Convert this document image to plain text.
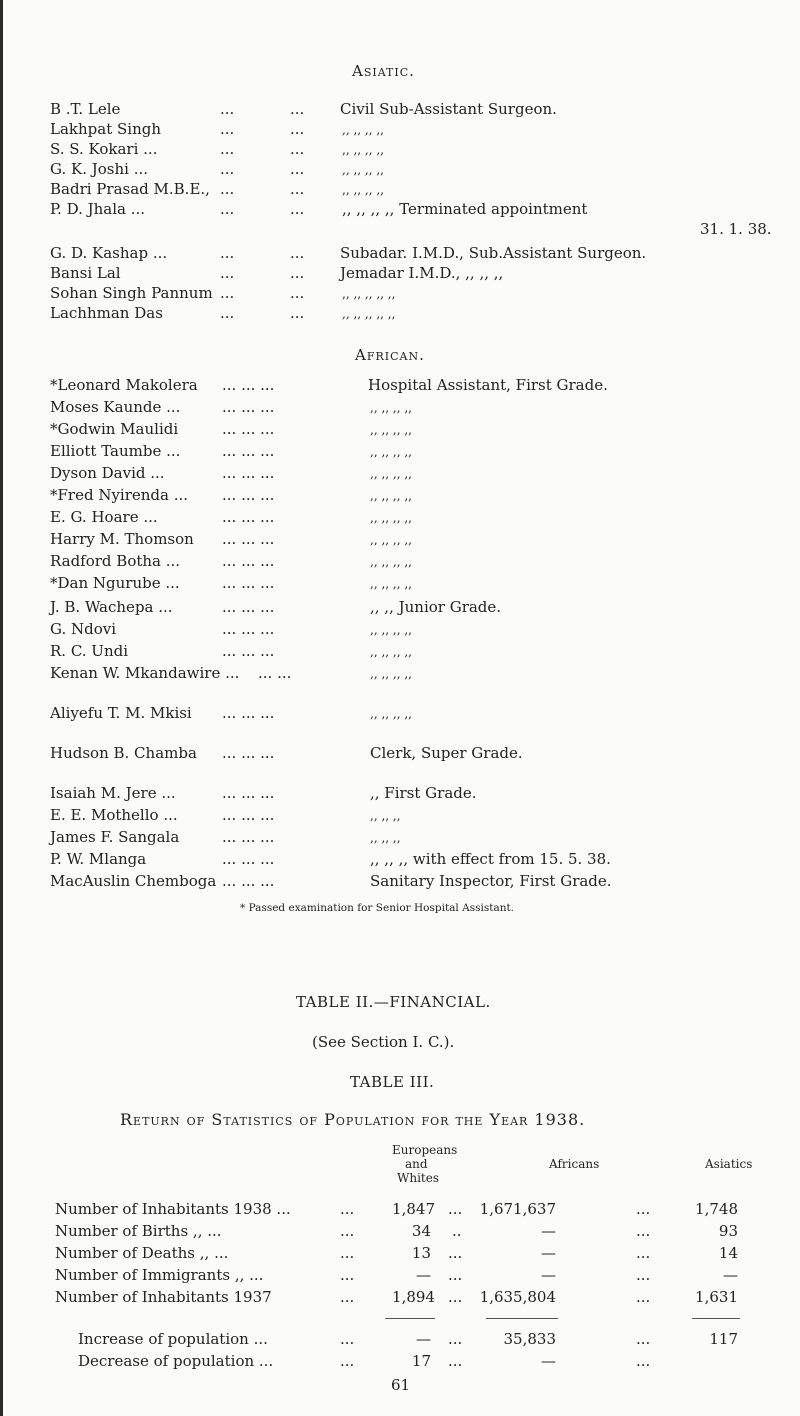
Asiatic.
B .T. Lele	...	... Civil Sub-Assistant Surgeon.
Lakhpat Singh	...	...	,, ,, ,, ,,
S. S. Kokari ...	...	...	,, ,, ,, ,,
G. K. Joshi ...	...	...	,, ,, ,, ,,
Badri Prasad M.B.E., ...	...	,, ,, ,, ,,
P. D. Jhala ...	...	...	,, ,, ,, ,, Terminated appointment
31. 1. 38.
G. D. Kashap ...	...	... Subadar. I.M.D., Sub.Assistant Surgeon.
Bansi Lal	...	... Jemadar I.M.D., ,, ,, ,,
Sohan Singh Pannum ...	...	,, ,, ,, ,, ,,
Lachhman Das	...	...	,, ,, ,, ,, ,,
African.
*Leonard Makolera ... ... ...	Hospital Assistant, First Grade.
Moses Kaunde ...	... ... ...	,, ,, ,, ,,
*Godwin Maulidi	... ... ...	,, ,, ,, ,,
Elliott Taumbe ...	... ... ...	,, ,, ,, ,,
Dyson David ...	... ... ...	,, ,, ,, ,,
*Fred Nyirenda ... ... ... ...	,, ,, ,, ,,
E. G. Hoare ...	... ... ...	,, ,, ,, ,,
Harry M. Thomson ... ... ...	,, ,, ,, ,,
Radford Botha ...	... ... ...	,, ,, ,, ,,
*Dan Ngurube ...	... ... ...	,, ,, ,, ,,
J. B. Wachepa ...	... ... ...	,, ,, Junior Grade.
G. Ndovi	... ... ...	,, ,, ,, ,,
R. C. Undi	... ... ...	,, ,, ,, ,,
Kenan W. Mkandawire ... ... ...	,, ,, ,, ,,
Aliyefu T. M. Mkisi ... ... ...	,, ,, ,, ,,
Hudson B. Chamba ... ... ...	Clerk, Super Grade.
Isaiah M. Jere ...	... ... ...	,, First Grade.
E. E. Mothello ...	... ... ...	,, ,, ,,
James F. Sangala	... ... ...	,, ,, ,,
P. W. Mlanga	... ... ...	,, ,, ,, with effect from 15. 5. 38.
MacAuslin Chemboga ... ... ...	Sanitary Inspector, First Grade.
* Passed examination for Senior Hospital Assistant.
TABLE II.—FINANCIAL.
(See Section I. C.).
TABLE III.
Return of Statistics of Population for the Year 1938.
Europeans
and
Whites
Africans	Asiatics
Number of Inhabitants 1938 ...	...	1,847 ...	1,671,637	...	1,748
Number of Births ,, ...	...	34 ..	—	...	93
Number of Deaths ,, ...	...	13 ...	—	...	14
Number of Immigrants ,, ...	...	— ...	—	...	—
Number of Inhabitants 1937	...	1,894 ...	1,635,804	...	1,631
Increase of population ...	...	— ...	35,833	...	117
Decrease of population ...	...	17 ...	—	...
61
